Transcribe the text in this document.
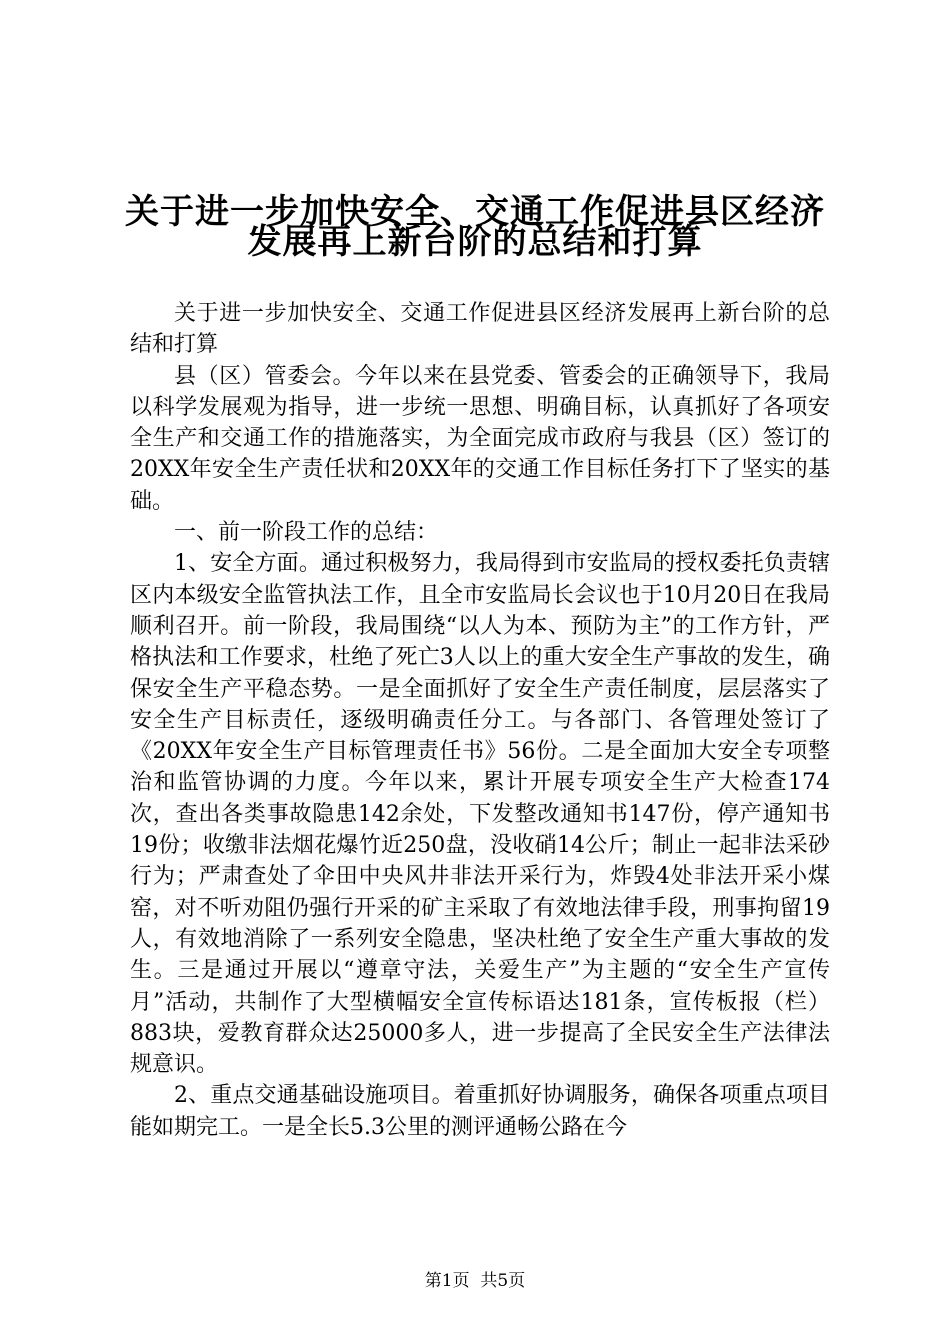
关于进一步加快安全、交通工作促进县区经济
发展再上新台阶的总结和打算

关于进一步加快安全、交通工作促进县区经济发展再上新台阶的总结和打算

县（区）管委会。今年以来在县党委、管委会的正确领导下，我局以科学发展观为指导，进一步统一思想、明确目标，认真抓好了各项安全生产和交通工作的措施落实，为全面完成市政府与我县（区）签订的20XX年安全生产责任状和20XX年的交通工作目标任务打下了坚实的基础。

一、前一阶段工作的总结：

1、安全方面。通过积极努力，我局得到市安监局的授权委托负责辖区内本级安全监管执法工作，且全市安监局长会议也于10月20日在我局顺利召开。前一阶段，我局围绕“以人为本、预防为主”的工作方针，严格执法和工作要求，杜绝了死亡3人以上的重大安全生产事故的发生，确保安全生产平稳态势。一是全面抓好了安全生产责任制度，层层落实了安全生产目标责任，逐级明确责任分工。与各部门、各管理处签订了《20XX年安全生产目标管理责任书》56份。二是全面加大安全专项整治和监管协调的力度。今年以来，累计开展专项安全生产大检查174次，查出各类事故隐患142余处，下发整改通知书147份，停产通知书19份；收缴非法烟花爆竹近250盘，没收硝14公斤；制止一起非法采砂行为；严肃查处了伞田中央风井非法开采行为，炸毁4处非法开采小煤窑，对不听劝阻仍强行开采的矿主采取了有效地法律手段，刑事拘留19人，有效地消除了一系列安全隐患，坚决杜绝了安全生产重大事故的发生。三是通过开展以“遵章守法，关爱生产”为主题的“安全生产宣传月”活动，共制作了大型横幅安全宣传标语达181条，宣传板报（栏）883块，爱教育群众达25000多人，进一步提高了全民安全生产法律法规意识。

2、重点交通基础设施项目。着重抓好协调服务，确保各项重点项目能如期完工。一是全长5.3公里的测评通畅公路在今

第1页  共5页
